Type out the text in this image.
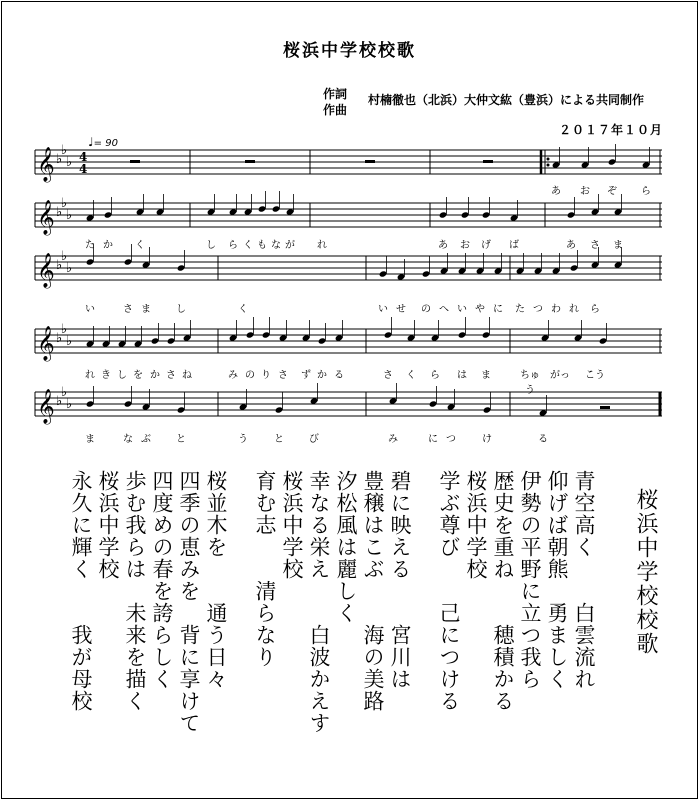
桜浜中学校校歌
作詞
作曲
村楠徹也（北浜）大仲文紘（豊浜）による共同制作
２０１７年１０月
♩= 90
𝄞 ♭
♭
♭
𝄞 ♭
♭
♭
𝄞 ♭
♭
♭
𝄞 ♭
♭
♭
𝄞 ♭
♭
♭
4
4
あ	お	ぞ	ら
た か	く	し	ら く も な が	れ	あ	お	げ	ば	あ	さ	ま
い	さ ま	し	く	い せ	の へ い や に	た つ わ れ	ら
れ き し を か さ ね	み の り さ	ず か る	さ	く	ら	は	ま	ちゅう
がっ こう
ま	な ぶ	と	う	と	び	み	に つ	け	る
桜浜中学校校歌
青空高く　　白雲流れ
仰げば朝熊　勇ましく
伊勢の平野に立つ我ら
歴史を重ね　　穂積かる
桜浜中学校
学ぶ尊び　　己につける
碧に映える　　宮川は
豊穣はこぶ　　海の美路
汐松風は麗しく
幸なる栄え　　白波かえす
桜浜中学校
育む志　　清らなり
桜並木を　　通う日々
四季の恵みを　背に享けて
四度めの春を誇らしく
歩む我らは　未来を描く
桜浜中学校
永久に輝く　　我が母校
